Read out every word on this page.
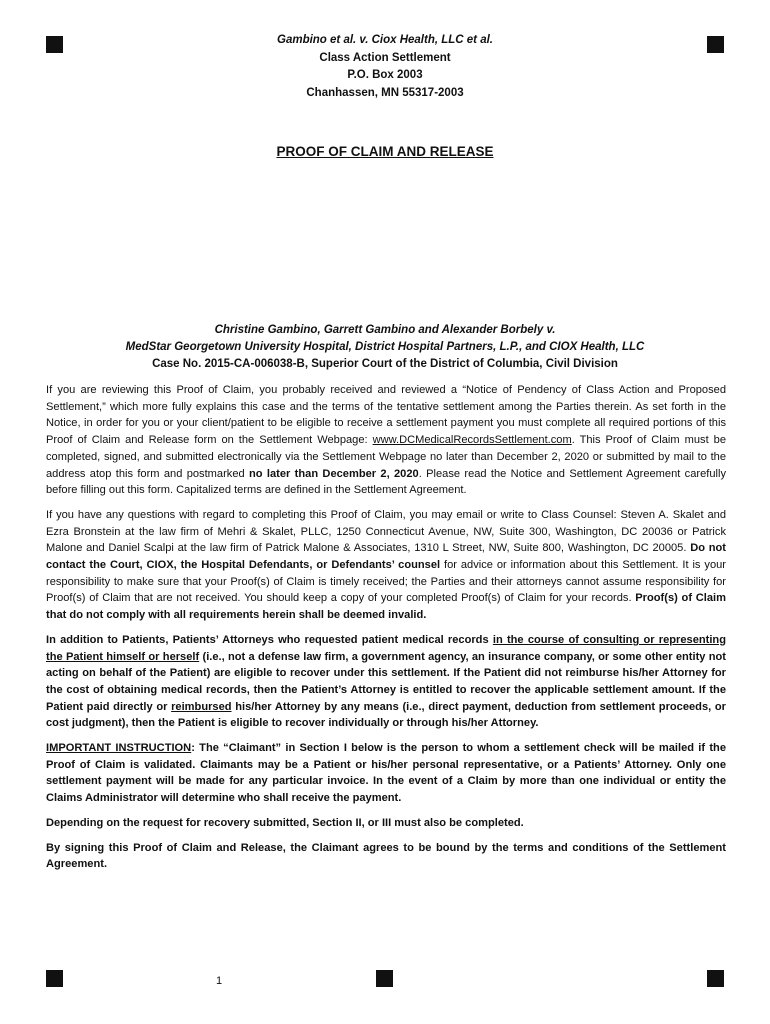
Gambino et al. v. Ciox Health, LLC et al.
Class Action Settlement
P.O. Box 2003
Chanhassen, MN 55317-2003
PROOF OF CLAIM AND RELEASE
Christine Gambino, Garrett Gambino and Alexander Borbely v.
MedStar Georgetown University Hospital, District Hospital Partners, L.P., and CIOX Health, LLC
Case No. 2015-CA-006038-B, Superior Court of the District of Columbia, Civil Division

If you are reviewing this Proof of Claim, you probably received and reviewed a “Notice of Pendency of Class Action and Proposed Settlement,” which more fully explains this case and the terms of the tentative settlement among the Parties therein. As set forth in the Notice, in order for you or your client/patient to be eligible to receive a settlement payment you must complete all required portions of this Proof of Claim and Release form on the Settlement Webpage: www.DCMedicalRecordsSettlement.com. This Proof of Claim must be completed, signed, and submitted electronically via the Settlement Webpage no later than December 2, 2020 or submitted by mail to the address atop this form and postmarked no later than December 2, 2020. Please read the Notice and Settlement Agreement carefully before filling out this form. Capitalized terms are defined in the Settlement Agreement.

If you have any questions with regard to completing this Proof of Claim, you may email or write to Class Counsel: Steven A. Skalet and Ezra Bronstein at the law firm of Mehri & Skalet, PLLC, 1250 Connecticut Avenue, NW, Suite 300, Washington, DC 20036 or Patrick Malone and Daniel Scalpi at the law firm of Patrick Malone & Associates, 1310 L Street, NW, Suite 800, Washington, DC 20005. Do not contact the Court, CIOX, the Hospital Defendants, or Defendants’ counsel for advice or information about this Settlement. It is your responsibility to make sure that your Proof(s) of Claim is timely received; the Parties and their attorneys cannot assume responsibility for Proof(s) of Claim that are not received. You should keep a copy of your completed Proof(s) of Claim for your records. Proof(s) of Claim that do not comply with all requirements herein shall be deemed invalid.

In addition to Patients, Patients’ Attorneys who requested patient medical records in the course of consulting or representing the Patient himself or herself (i.e., not a defense law firm, a government agency, an insurance company, or some other entity not acting on behalf of the Patient) are eligible to recover under this settlement. If the Patient did not reimburse his/her Attorney for the cost of obtaining medical records, then the Patient’s Attorney is entitled to recover the applicable settlement amount. If the Patient paid directly or reimbursed his/her Attorney by any means (i.e., direct payment, deduction from settlement proceeds, or cost judgment), then the Patient is eligible to recover individually or through his/her Attorney.

IMPORTANT INSTRUCTION: The “Claimant” in Section I below is the person to whom a settlement check will be mailed if the Proof of Claim is validated. Claimants may be a Patient or his/her personal representative, or a Patients’ Attorney. Only one settlement payment will be made for any particular invoice. In the event of a Claim by more than one individual or entity the Claims Administrator will determine who shall receive the payment.

Depending on the request for recovery submitted, Section II, or III must also be completed.

By signing this Proof of Claim and Release, the Claimant agrees to be bound by the terms and conditions of the Settlement Agreement.

1
